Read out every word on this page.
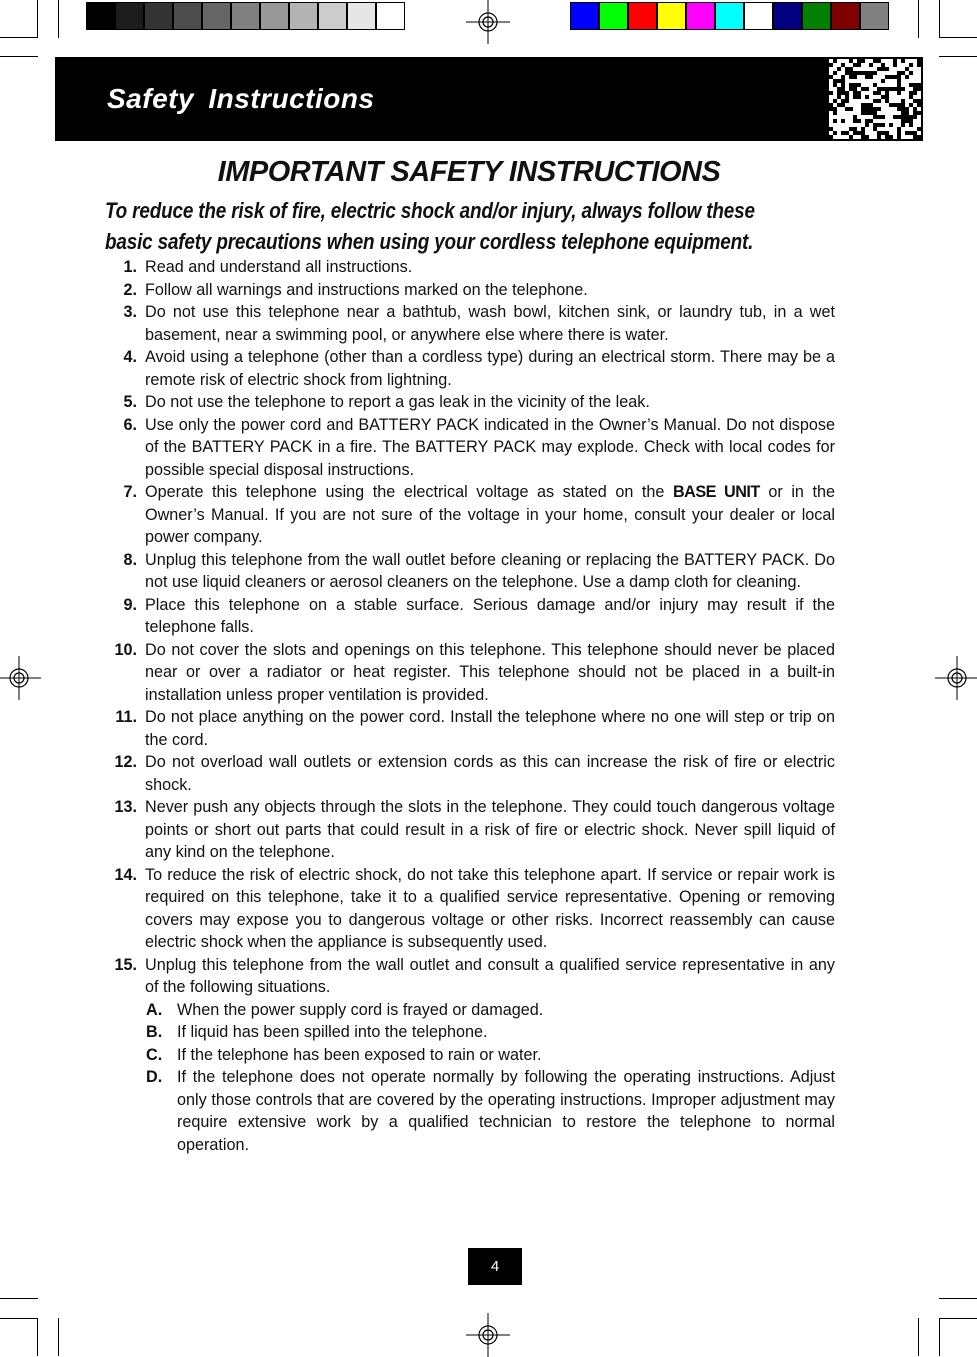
Safety Instructions
IMPORTANT SAFETY INSTRUCTIONS
To reduce the risk of fire, electric shock and/or injury, always follow these
basic safety precautions when using your cordless telephone equipment.
1. Read and understand all instructions.
2. Follow all warnings and instructions marked on the telephone.
3. Do not use this telephone near a bathtub, wash bowl, kitchen sink, or laundry tub, in a wet basement, near a swimming pool, or anywhere else where there is water.
4. Avoid using a telephone (other than a cordless type) during an electrical storm. There may be a remote risk of electric shock from lightning.
5. Do not use the telephone to report a gas leak in the vicinity of the leak.
6. Use only the power cord and BATTERY PACK indicated in the Owner’s Manual. Do not dispose of the BATTERY PACK in a fire. The BATTERY PACK may explode. Check with local codes for possible special disposal instructions.
7. Operate this telephone using the electrical voltage as stated on the BASE UNIT or in the Owner’s Manual. If you are not sure of the voltage in your home, consult your dealer or local power company.
8. Unplug this telephone from the wall outlet before cleaning or replacing the BATTERY PACK. Do not use liquid cleaners or aerosol cleaners on the telephone. Use a damp cloth for cleaning.
9. Place this telephone on a stable surface. Serious damage and/or injury may result if the telephone falls.
10. Do not cover the slots and openings on this telephone. This telephone should never be placed near or over a radiator or heat register. This telephone should not be placed in a built-in installation unless proper ventilation is provided.
11. Do not place anything on the power cord. Install the telephone where no one will step or trip on the cord.
12. Do not overload wall outlets or extension cords as this can increase the risk of fire or electric shock.
13. Never push any objects through the slots in the telephone. They could touch dangerous voltage points or short out parts that could result in a risk of fire or electric shock. Never spill liquid of any kind on the telephone.
14. To reduce the risk of electric shock, do not take this telephone apart. If service or repair work is required on this telephone, take it to a qualified service representative. Opening or removing covers may expose you to dangerous voltage or other risks. Incorrect reassembly can cause electric shock when the appliance is subsequently used.
15. Unplug this telephone from the wall outlet and consult a qualified service representative in any of the following situations.
A. When the power supply cord is frayed or damaged.
B. If liquid has been spilled into the telephone.
C. If the telephone has been exposed to rain or water.
D. If the telephone does not operate normally by following the operating instructions. Adjust only those controls that are covered by the operating instructions. Improper adjustment may require extensive work by a qualified technician to restore the telephone to normal operation.
4
